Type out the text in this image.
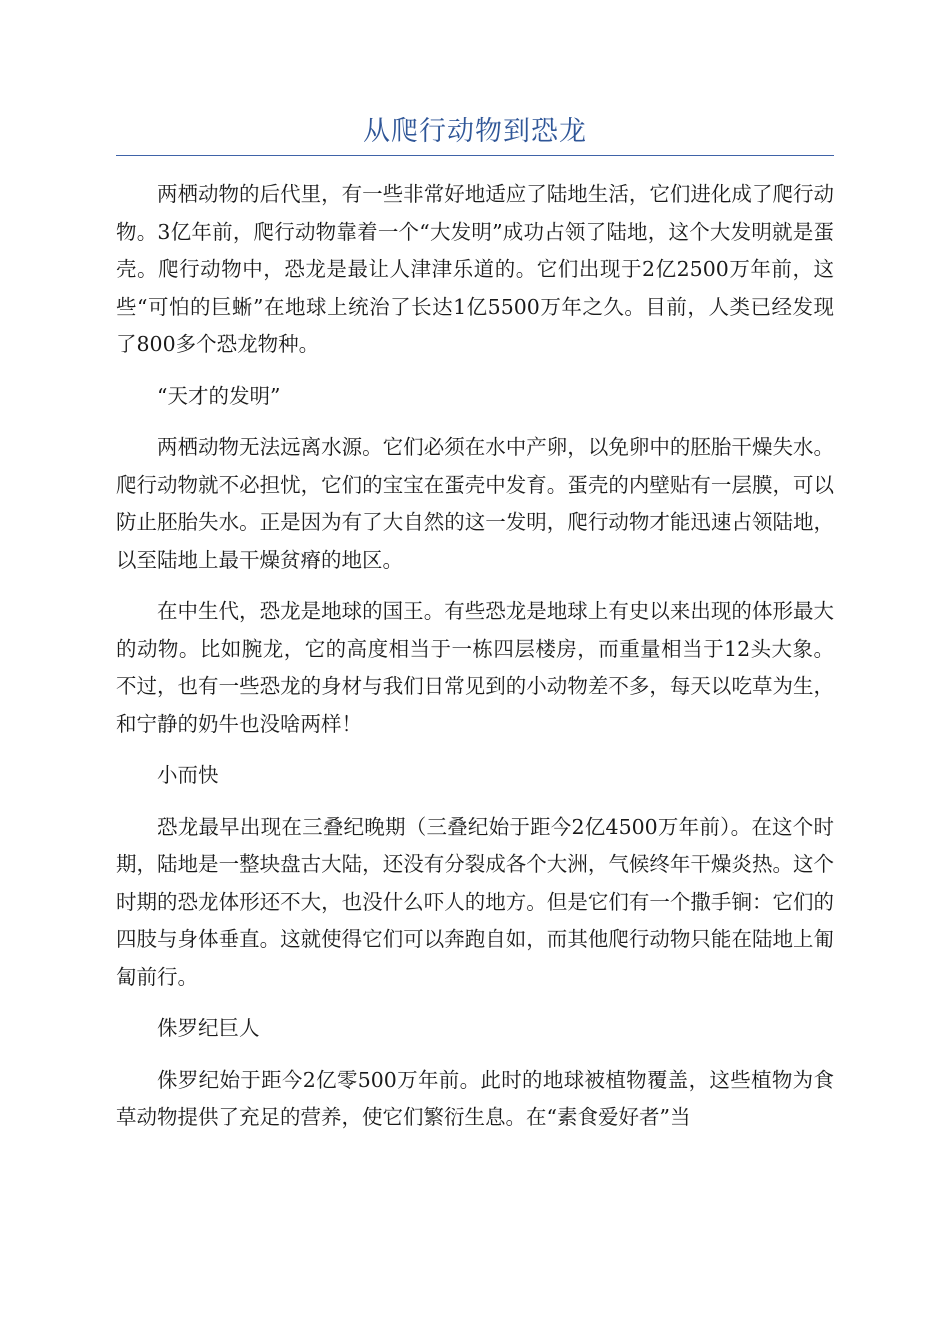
从爬行动物到恐龙

两栖动物的后代里，有一些非常好地适应了陆地生活，它们进化成了爬行动物。3亿年前，爬行动物靠着一个“大发明”成功占领了陆地，这个大发明就是蛋壳。爬行动物中，恐龙是最让人津津乐道的。它们出现于2亿2500万年前，这些“可怕的巨蜥”在地球上统治了长达1亿5500万年之久。目前，人类已经发现了800多个恐龙物种。

“天才的发明”

两栖动物无法远离水源。它们必须在水中产卵，以免卵中的胚胎干燥失水。爬行动物就不必担忧，它们的宝宝在蛋壳中发育。蛋壳的内壁贴有一层膜，可以防止胚胎失水。正是因为有了大自然的这一发明，爬行动物才能迅速占领陆地，以至陆地上最干燥贫瘠的地区。

在中生代，恐龙是地球的国王。有些恐龙是地球上有史以来出现的体形最大的动物。比如腕龙，它的高度相当于一栋四层楼房，而重量相当于12头大象。不过，也有一些恐龙的身材与我们日常见到的小动物差不多，每天以吃草为生，和宁静的奶牛也没啥两样！

小而快

恐龙最早出现在三叠纪晚期（三叠纪始于距今2亿4500万年前）。在这个时期，陆地是一整块盘古大陆，还没有分裂成各个大洲，气候终年干燥炎热。这个时期的恐龙体形还不大，也没什么吓人的地方。但是它们有一个撒手锏：它们的四肢与身体垂直。这就使得它们可以奔跑自如，而其他爬行动物只能在陆地上匍匐前行。

侏罗纪巨人

侏罗纪始于距今2亿零500万年前。此时的地球被植物覆盖，这些植物为食草动物提供了充足的营养，使它们繁衍生息。在“素食爱好者”当
